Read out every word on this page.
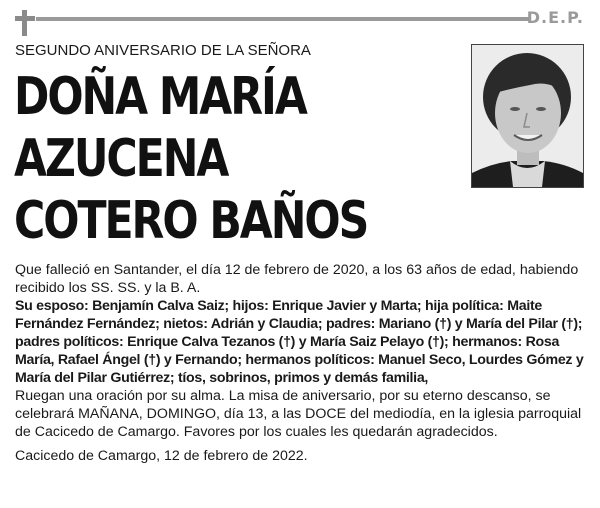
D.E.P.
SEGUNDO ANIVERSARIO DE LA SEÑORA
DOÑA MARÍA
AZUCENA
COTERO BAÑOS

Que falleció en Santander, el día 12 de febrero de 2020, a los 63 años de edad, habiendo recibido los SS. SS. y la B. A.

Su esposo: Benjamín Calva Saiz; hijos: Enrique Javier y Marta; hija política: Maite Fernández Fernández; nietos: Adrián y Claudia; padres: Mariano (†) y María del Pilar (†); padres políticos: Enrique Calva Tezanos (†) y María Saiz Pelayo (†); hermanos: Rosa María, Rafael Ángel (†) y Fernando; hermanos políticos: Manuel Seco, Lourdes Gómez y María del Pilar Gutiérrez; tíos, sobrinos, primos y demás familia,

Ruegan una oración por su alma. La misa de aniversario, por su eterno descanso, se celebrará MAÑANA, DOMINGO, día 13, a las DOCE del mediodía, en la iglesia parroquial de Cacicedo de Camargo. Favores por los cuales les quedarán agradecidos.

Cacicedo de Camargo, 12 de febrero de 2022.
